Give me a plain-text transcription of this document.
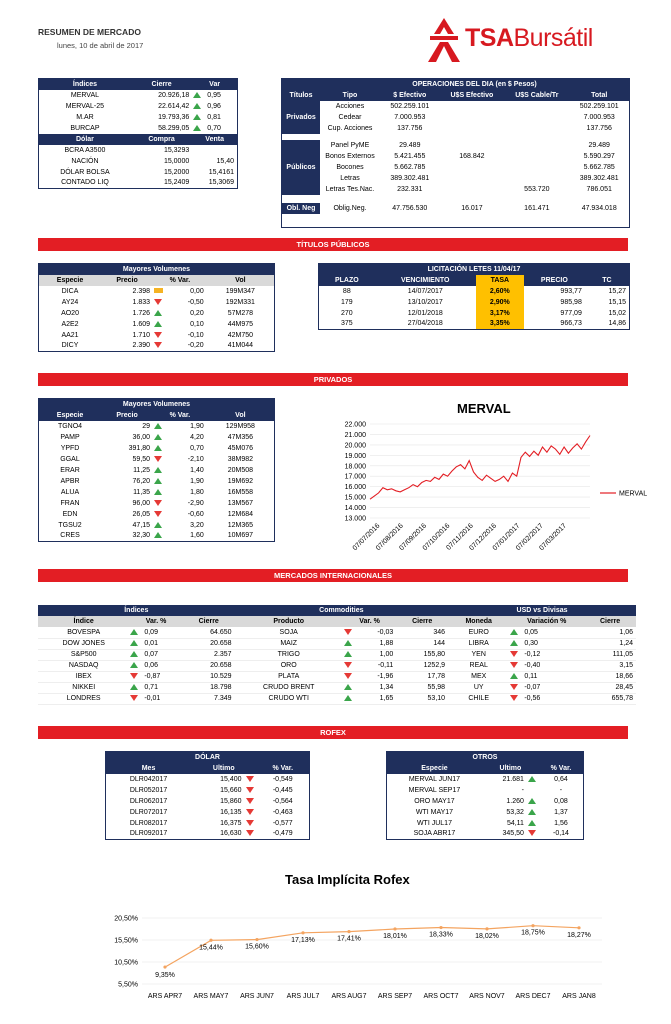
RESUMEN DE MERCADO
lunes, 10 de abril de 2017	TSABursátil
Índices	Cierre	Var	
MERVAL	20.926,18		0,95
MERVAL-25	22.614,42		0,96
M.AR	19.793,36		0,81
BURCAP	58.299,05		0,70
Dólar	Compra	Venta	
BCRA A3500	15,3293		
NACIÓN	15,0000	15,40	
DÓLAR BOLSA	15,2000	15,4161	
CONTADO LIQ	15,2409	15,3069	
	OPERACIONES DEL DIA (en $ Pesos)				
Títulos	Tipo	$ Efectivo	U$S Efectivo	U$S Cable/Tr	Total
Privados	Acciones	502.259.101			502.259.101
	Cedear	7.000.953			7.000.953
	Cup. Acciones	137.756			137.756

Públicos	Panel PyME	29.489			29.489
	Bonos Externos	5.421.455	168.842		5.590.297
	Bocones	5.662.785			5.662.785
	Letras	389.302.481			389.302.481
	Letras Tes.Nac.	232.331		553.720	786.051

Obl. Neg	Oblig.Neg.	47.756.530	16.017	161.471	47.934.018
TÍTULOS PÚBLICOS
Mayores Volumenes				
Especie	Precio	% Var.		Vol
DICA	2.398		0,00	199M347
AY24	1.833		-0,50	192M331
AO20	1.726		0,20	57M278
A2E2	1.609		0,10	44M975
AA21	1.710		-0,10	42M750
DICY	2.390		-0,20	41M044
LICITACIÓN LETES 11/04/17				
PLAZO	VENCIMIENTO	TASA	PRECIO	TC
88	14/07/2017	2,60%	993,77	15,27
179	13/10/2017	2,90%	985,98	15,15
270	12/01/2018	3,17%	977,09	15,02
375	27/04/2018	3,35%	966,73	14,86
PRIVADOS
Mayores Volumenes				
Especie	Precio	% Var.		Vol
TGNO4	29		1,90	129M958
PAMP	36,00		4,20	47M356
YPFD	391,80		0,70	45M076
GGAL	59,50		-2,10	38M982
ERAR	11,25		1,40	20M508
APBR	76,20		1,90	19M692
ALUA	11,35		1,80	16M558
FRAN	96,00		-2,90	13M567
EDN	26,05		-0,60	12M684
TGSU2	47,15		3,20	12M365
CRES	32,30		1,60	10M697
MERVAL
22.000
21.000
20.000
19.000
18.000
17.000
16.000
15.000
14.000
13.000
07/07/2016
07/08/2016
07/09/2016
07/10/2016
07/11/2016
07/12/2016
07/01/2017
07/02/2017
07/03/2017
MERVAL
MERCADOS INTERNACIONALES
Índices				Commodities				USD vs Divisas			
Índice	Var. %		Cierre	Producto	Var. %		Cierre	Moneda	Variación %		Cierre
BOVESPA		0,09	64.650	SOJA		-0,03	346	EURO		0,05	1,06
DOW JONES		0,01	20.658	MAIZ		1,88	144	LIBRA		0,30	1,24
S&P500		0,07	2.357	TRIGO		1,00	155,80	YEN		-0,12	111,05
NASDAQ		0,06	20.658	ORO		-0,11	1252,9	REAL		-0,40	3,15
IBEX		-0,87	10.529	PLATA		-1,96	17,78	MEX		0,11	18,66
NIKKEI		0,71	18.798	CRUDO BRENT		1,34	55,98	UY		-0,07	28,45
LONDRES		-0,01	7.349	CRUDO WTI		1,65	53,10	CHILE		-0,56	655,78
ROFEX
DÓLAR			
Mes	Ultimo		% Var.
DLR042017	15,400		-0,549
DLR052017	15,660		-0,445
DLR062017	15,860		-0,564
DLR072017	16,135		-0,463
DLR082017	16,375		-0,577
DLR092017	16,630		-0,479
OTROS			
Especie	Ultimo		% Var.
MERVAL JUN17	21.681		0,64
MERVAL SEP17	-		-
ORO MAY17	1.260		0,08
WTI MAY17	53,32		1,37
WTI JUL17	54,11		1,56
SOJA ABR17	345,50		-0,14
Tasa Implícita Rofex
20,50%
15,50%
10,50%
5,50%
9,35%
ARS APR7
15,44%
ARS MAY7
15,60%
ARS JUN7
17,13%
ARS JUL7
17,41%
ARS AUG7
18,01%
ARS SEP7
18,33%
ARS OCT7
18,02%
ARS NOV7
18,75%
ARS DEC7
18,27%
ARS JAN8
